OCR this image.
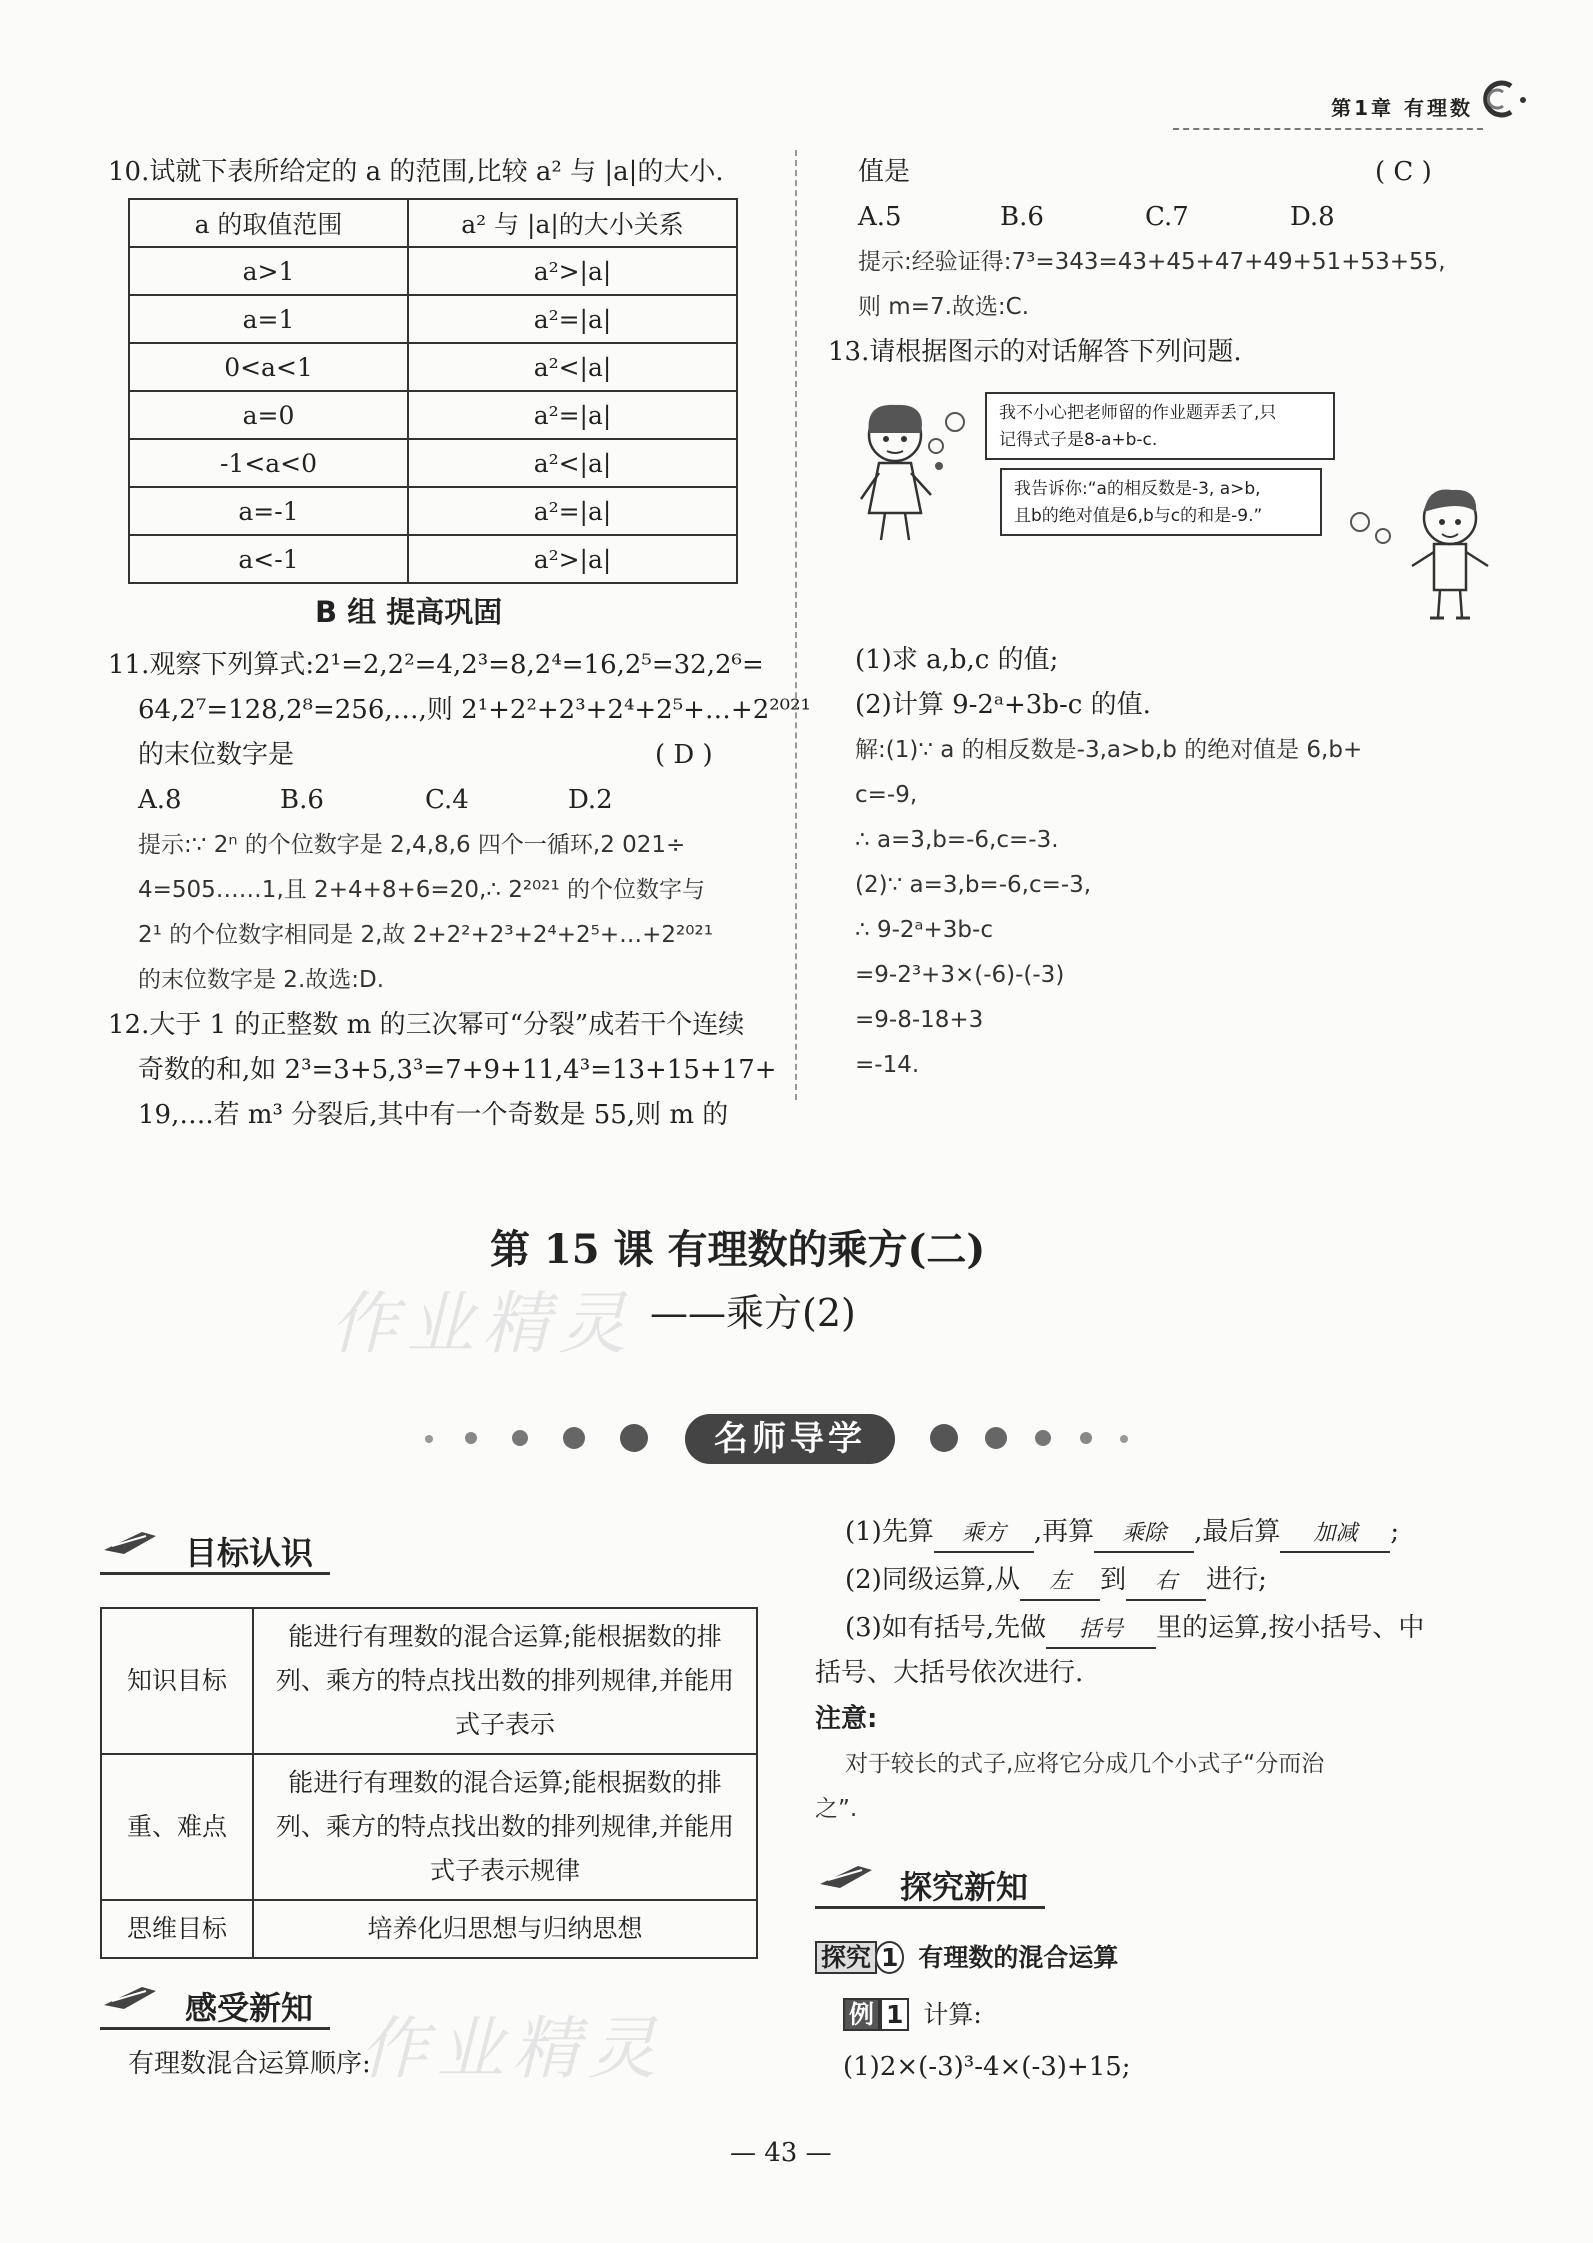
第1章 有理数
10.试就下表所给定的 a 的范围,比较 a² 与 |a|的大小.
a 的取值范围	a² 与 |a|的大小关系
a>1	a²>|a|
a=1	a²=|a|
0<a<1	a²<|a|
a=0	a²=|a|
-1<a<0	a²<|a|
a=-1	a²=|a|
a<-1	a²>|a|
B 组 提高巩固
11.观察下列算式:2¹=2,2²=4,2³=8,2⁴=16,2⁵=32,2⁶=
64,2⁷=128,2⁸=256,…,则 2¹+2²+2³+2⁴+2⁵+…+2²⁰²¹
的末位数字是	( D )
A.8	B.6	C.4	D.2
提示:∵ 2ⁿ 的个位数字是 2,4,8,6 四个一循环,2 021÷
4=505……1,且 2+4+8+6=20,∴ 2²⁰²¹ 的个位数字与
2¹ 的个位数字相同是 2,故 2+2²+2³+2⁴+2⁵+…+2²⁰²¹
的末位数字是 2.故选:D.
12.大于 1 的正整数 m 的三次幂可“分裂”成若干个连续
奇数的和,如 2³=3+5,3³=7+9+11,4³=13+15+17+
19,….若 m³ 分裂后,其中有一个奇数是 55,则 m 的
值是	( C )
A.5	B.6	C.7	D.8
提示:经验证得:7³=343=43+45+47+49+51+53+55,
则 m=7.故选:C.
13.请根据图示的对话解答下列问题.
我不小心把老师留的作业题弄丢了,只
记得式子是8-a+b-c.
我告诉你:“a的相反数是-3, a>b,
且b的绝对值是6,b与c的和是-9.”
(1)求 a,b,c 的值;
(2)计算 9-2ᵃ+3b-c 的值.
解:(1)∵ a 的相反数是-3,a>b,b 的绝对值是 6,b+
c=-9,
∴ a=3,b=-6,c=-3.
(2)∵ a=3,b=-6,c=-3,
∴ 9-2ᵃ+3b-c
=9-2³+3×(-6)-(-3)
=9-8-18+3
=-14.
第 15 课 有理数的乘方(二)
——乘方(2)
作业精灵
名师导学
目标认识
知识目标	能进行有理数的混合运算;能根据数的排列、乘方的特点找出数的排列规律,并能用式子表示
重、难点	能进行有理数的混合运算;能根据数的排列、乘方的特点找出数的排列规律,并能用式子表示规律
思维目标	培养化归思想与归纳思想
感受新知
作业精灵
有理数混合运算顺序:
(1)先算 乘方 ,再算 乘除 ,最后算 加减 ;
(2)同级运算,从 左 到 右 进行;
(3)如有括号,先做 括号 里的运算,按小括号、中
括号、大括号依次进行.
注意:
对于较长的式子,应将它分成几个小式子“分而治
之”.
探究新知
探究 1 有理数的混合运算
例 1 计算:
(1)2×(-3)³-4×(-3)+15;
— 43 —
